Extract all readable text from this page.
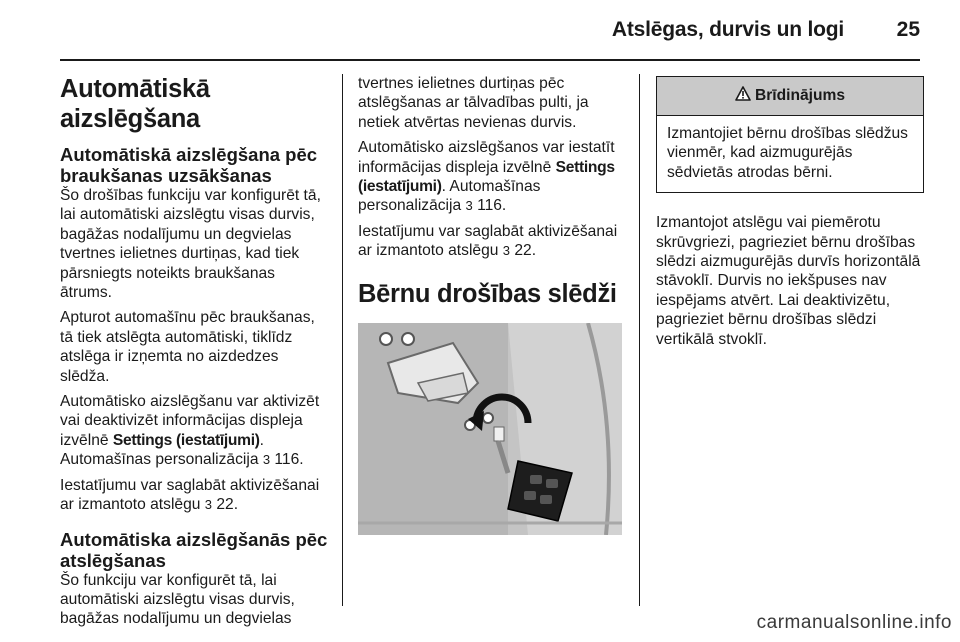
Atslēgas, durvis un logi	25
Automātiskā aizslēgšana
Automātiskā aizslēgšana pēc braukšanas uzsākšanas

Šo drošības funkciju var konfigurēt tā, lai automātiski aizslēgtu visas durvis, bagāžas nodalījumu un degvielas tvertnes ielietnes durtiņas, kad tiek pārsniegts noteikts braukšanas ātrums.

Apturot automašīnu pēc braukšanas, tā tiek atslēgta automātiski, tiklīdz atslēga ir izņemta no aizdedzes slēdža.

Automātisko aizslēgšanu var aktivizēt vai deaktivizēt informācijas displeja izvēlnē Settings (iestatījumi). Automašīnas personalizācija 3 116.

Iestatījumu var saglabāt aktivizēšanai ar izmantoto atslēgu 3 22.

Automātiska aizslēgšanās pēc atslēgšanas

Šo funkciju var konfigurēt tā, lai automātiski aizslēgtu visas durvis, bagāžas nodalījumu un degvielas

tvertnes ielietnes durtiņas pēc atslēgšanas ar tālvadības pulti, ja netiek atvērtas nevienas durvis.

Automātisko aizslēgšanos var iestatīt informācijas displeja izvēlnē Settings (iestatījumi). Automašīnas personalizācija 3 116.

Iestatījumu var saglabāt aktivizēšanai ar izmantoto atslēgu 3 22.

Bērnu drošības slēdži
Brīdinājums
Izmantojiet bērnu drošības slēdžus vienmēr, kad aizmugurējās sēdvietās atrodas bērni.

Izmantojot atslēgu vai piemērotu skrūvgriezi, pagrieziet bērnu drošības slēdzi aizmugurējās durvīs horizontālā stāvoklī. Durvis no iekšpuses nav iespējams atvērt. Lai deaktivizētu, pagrieziet bērnu drošības slēdzi vertikālā stvoklī.

carmanualsonline.info
